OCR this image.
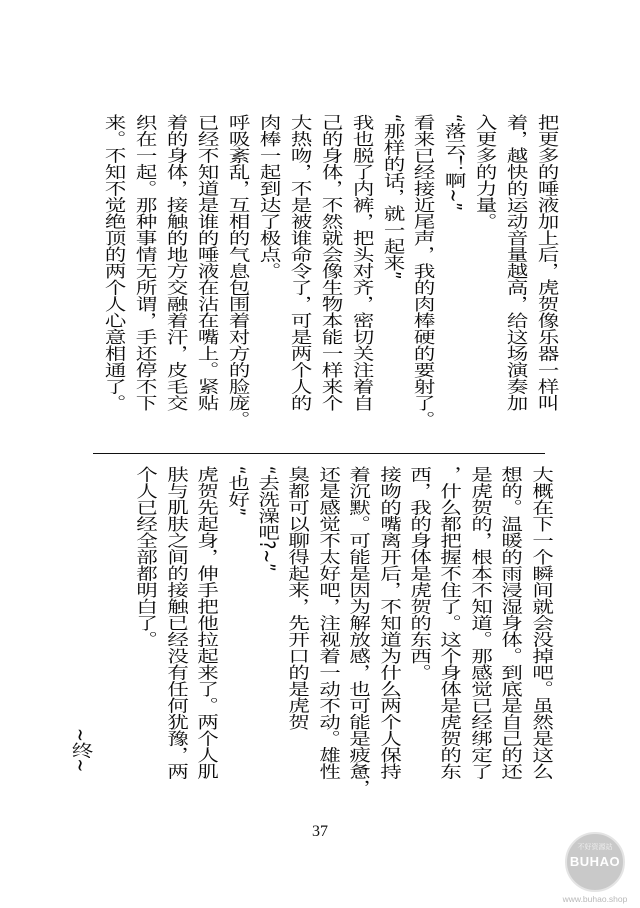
把更多的唾液加上后，虎贺像乐器一样叫
着，越快的运动音量越高，给这场演奏加
入更多的力量。
“落云！啊~”
看来已经接近尾声，我的肉棒硬的要射了。
“那样的话，就一起来”
我也脱了内裤，把头对齐，密切关注着自
己的身体，不然就会像生物本能一样来个
大热吻，不是被谁命令了，可是两个人的
肉棒一起到达了极点。
呼吸紊乱，互相的气息包围着对方的脸庞。
已经不知道是谁的唾液在沾在嘴上。紧贴
着的身体，接触的地方交融着汗，皮毛交
织在一起。那种事情无所谓，手还停不下
来。不知不觉绝顶的两个人心意相通了。
大概在下一个瞬间就会没掉吧。虽然是这么
想的。温暖的雨浸湿身体。到底是自己的还
是虎贺的，根本不知道。那感觉已经绑定了
，什么都把握不住了。这个身体是虎贺的东
西，我的身体是虎贺的东西。
接吻的嘴离开后，不知道为什么两个人保持
着沉默。可能是因为解放感，也可能是疲惫，
还是感觉不太好吧，注视着一动不动。雄性
臭都可以聊得起来，先开口的是虎贺
“去洗澡吧?~”
“也好”
虎贺先起身，伸手把他拉起来了。两个人肌
肤与肌肤之间的接触已经没有任何犹豫，两
个人已经全部都明白了。
~终~
37
不好资源站
BUHAO
www.buhao.shop
